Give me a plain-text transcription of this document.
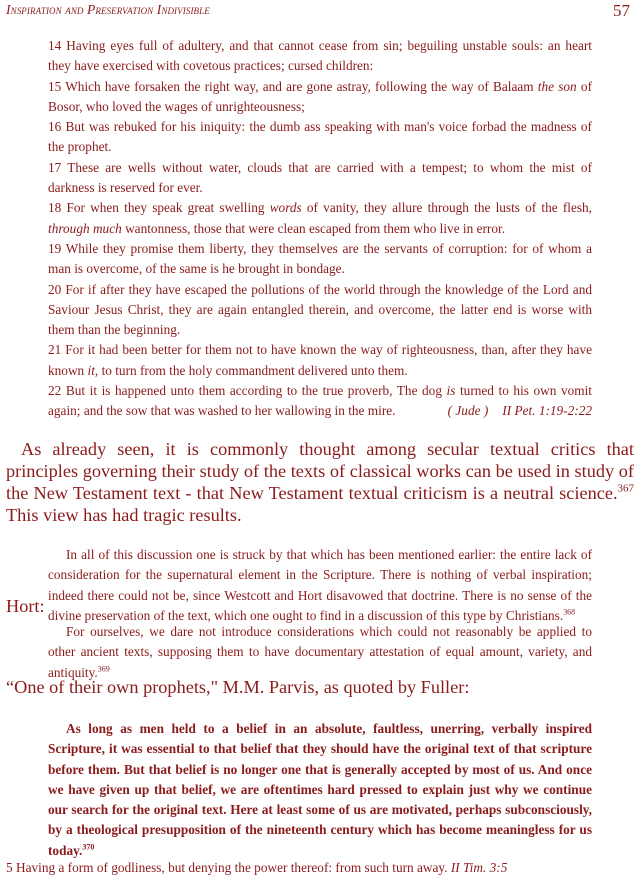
Inspiration and Preservation Indivisible	57

14 Having eyes full of adultery, and that cannot cease from sin; beguiling unstable souls: an heart they have exercised with covetous practices; cursed children:

15 Which have forsaken the right way, and are gone astray, following the way of Balaam the son of Bosor, who loved the wages of unrighteousness;

16 But was rebuked for his iniquity: the dumb ass speaking with man's voice forbad the madness of the prophet.

17 These are wells without water, clouds that are carried with a tempest; to whom the mist of darkness is reserved for ever.

18 For when they speak great swelling words of vanity, they allure through the lusts of the flesh, through much wantonness, those that were clean escaped from them who live in error.

19 While they promise them liberty, they themselves are the servants of corruption: for of whom a man is overcome, of the same is he brought in bondage.

20 For if after they have escaped the pollutions of the world through the knowledge of the Lord and Saviour Jesus Christ, they are again entangled therein, and overcome, the latter end is worse with them than the beginning.

21 For it had been better for them not to have known the way of righteousness, than, after they have known it, to turn from the holy commandment delivered unto them.

22 But it is happened unto them according to the true proverb, The dog is turned to his own vomit again; and the sow that was washed to her wallowing in the mire.	( Jude ) II Pet. 1:19-2:22

As already seen, it is commonly thought among secular textual critics that principles governing their study of the texts of classical works can be used in study of the New Testament text - that New Testament textual criticism is a neutral science.$^{367}$ This view has had tragic results.

In all of this discussion one is struck by that which has been mentioned earlier: the entire lack of consideration for the supernatural element in the Scripture. There is nothing of verbal inspiration; indeed there could not be, since Westcott and Hort disavowed that doctrine. There is no sense of the divine preservation of the text, which one ought to find in a discussion of this type by Christians.$^{368}$

Hort:

For ourselves, we dare not introduce considerations which could not reasonably be applied to other ancient texts, supposing them to have documentary attestation of equal amount, variety, and antiquity.$^{369}$

“One of their own prophets," M.M. Parvis, as quoted by Fuller:

As long as men held to a belief in an absolute, faultless, unerring, verbally inspired Scripture, it was essential to that belief that they should have the original text of that scripture before them. But that belief is no longer one that is generally accepted by most of us. And once we have given up that belief, we are oftentimes hard pressed to explain just why we continue our search for the original text. Here at least some of us are motivated, perhaps subconsciously, by a theological presupposition of the nineteenth century which has become meaningless for us today.$^{370}$

5 Having a form of godliness, but denying the power thereof: from such turn away. II Tim. 3:5
